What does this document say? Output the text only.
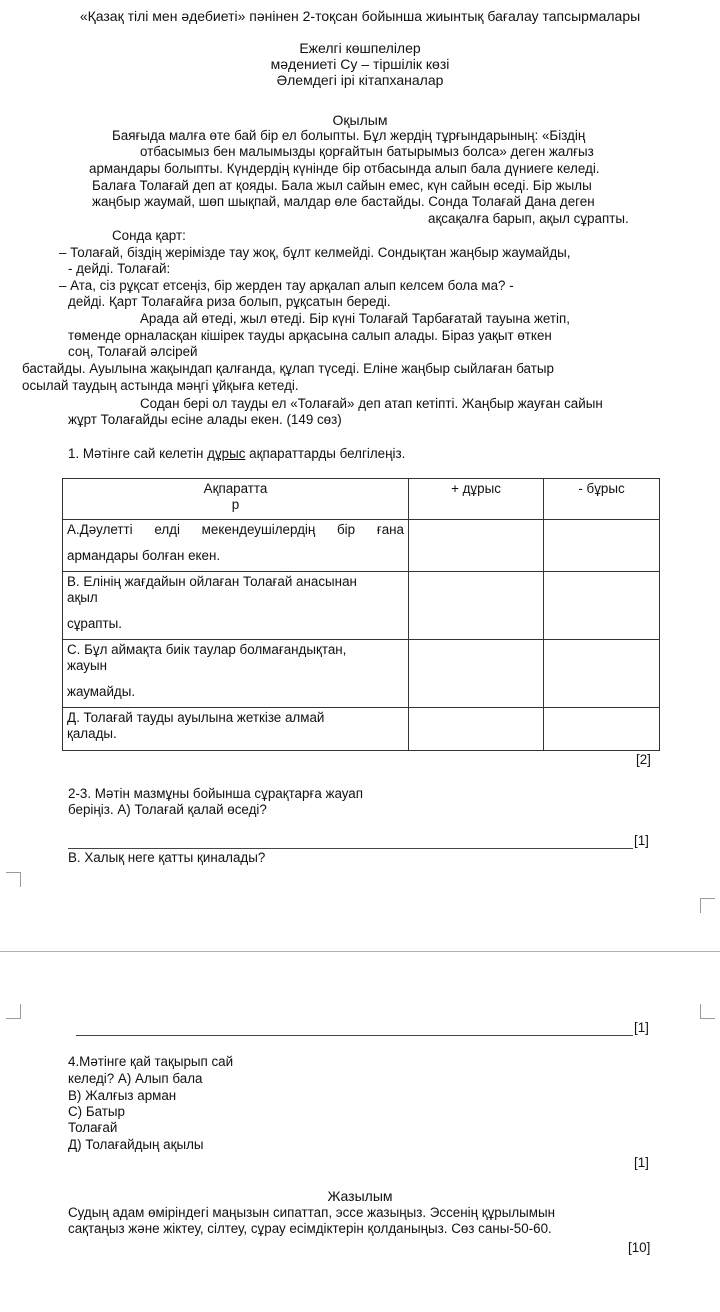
«Қазақ тілі мен әдебиеті» пәнінен 2-тоқсан бойынша жиынтық бағалау тапсырмалары
Ежелгі көшпелілер
мәдениеті Су – тіршілік көзі
Әлемдегі ірі кітапханалар
Оқылым
Баяғыда малға өте бай бір ел болыпты. Бұл жердің тұрғындарының: «Біздің
отбасымыз бен малымызды қорғайтын батырымыз болса» деген жалғыз
армандары болыпты. Күндердің күнінде бір отбасында алып бала дүниеге келеді.
Балаға Толағай деп ат қояды. Бала жыл сайын емес, күн сайын өседі. Бір жылы
жаңбыр жаумай, шөп шықпай, малдар өле бастайды. Сонда Толағай Дана деген
ақсақалға барып, ақыл сұрапты.
Сонда қарт:
– Толағай, біздің жерімізде тау жоқ, бұлт келмейді. Сондықтан жаңбыр жаумайды,
- дейді. Толағай:
– Ата, сіз рұқсат етсеңіз, бір жерден тау арқалап алып келсем бола ма? -
дейді. Қарт Толағайға риза болып, рұқсатын береді.
Арада ай өтеді, жыл өтеді. Бір күні Толағай Тарбағатай тауына жетіп,
төменде орналасқан кішірек тауды арқасына салып алады. Біраз уақыт өткен
соң, Толағай әлсірей
бастайды. Ауылына жақындап қалғанда, құлап түседі. Еліне жаңбыр сыйлаған батыр
осылай таудың астында мәңгі ұйқыға кетеді.
Содан бері ол тауды ел «Толағай» деп атап кетіпті. Жаңбыр жауған сайын
жұрт Толағайды есіне алады екен. (149 сөз)
1. Мәтінге сай келетін дұрыс ақпараттарды белгілеңіз.
Ақпаратта
р	+ дұрыс	- бұрыс

А.Дәулетті елді мекендеушілердің бір ғана
армандары болған екен.		

В. Елінің жағдайын ойлаған Толағай анасынан
ақыл
сұрапты.		

С. Бұл аймақта биік таулар болмағандықтан,
жауын
жаумайды.		

Д. Толағай тауды ауылына жеткізе алмай
қалады.		

[2]
2-3. Мәтін мазмұны бойынша сұрақтарға жауап
беріңіз. А) Толағай қалай өседі?
[1]
В. Халық неге қатты қиналады?
[1]
4.Мәтінге қай тақырып сай
келеді? А) Алып бала
В) Жалғыз арман
С) Батыр
Толағай
Д) Толағайдың ақылы
[1]
Жазылым
Судың адам өміріндегі маңызын сипаттап, эссе жазыңыз. Эссенің құрылымын
сақтаңыз және жіктеу, сілтеу, сұрау есімдіктерін қолданыңыз. Сөз саны-50-60.
[10]
